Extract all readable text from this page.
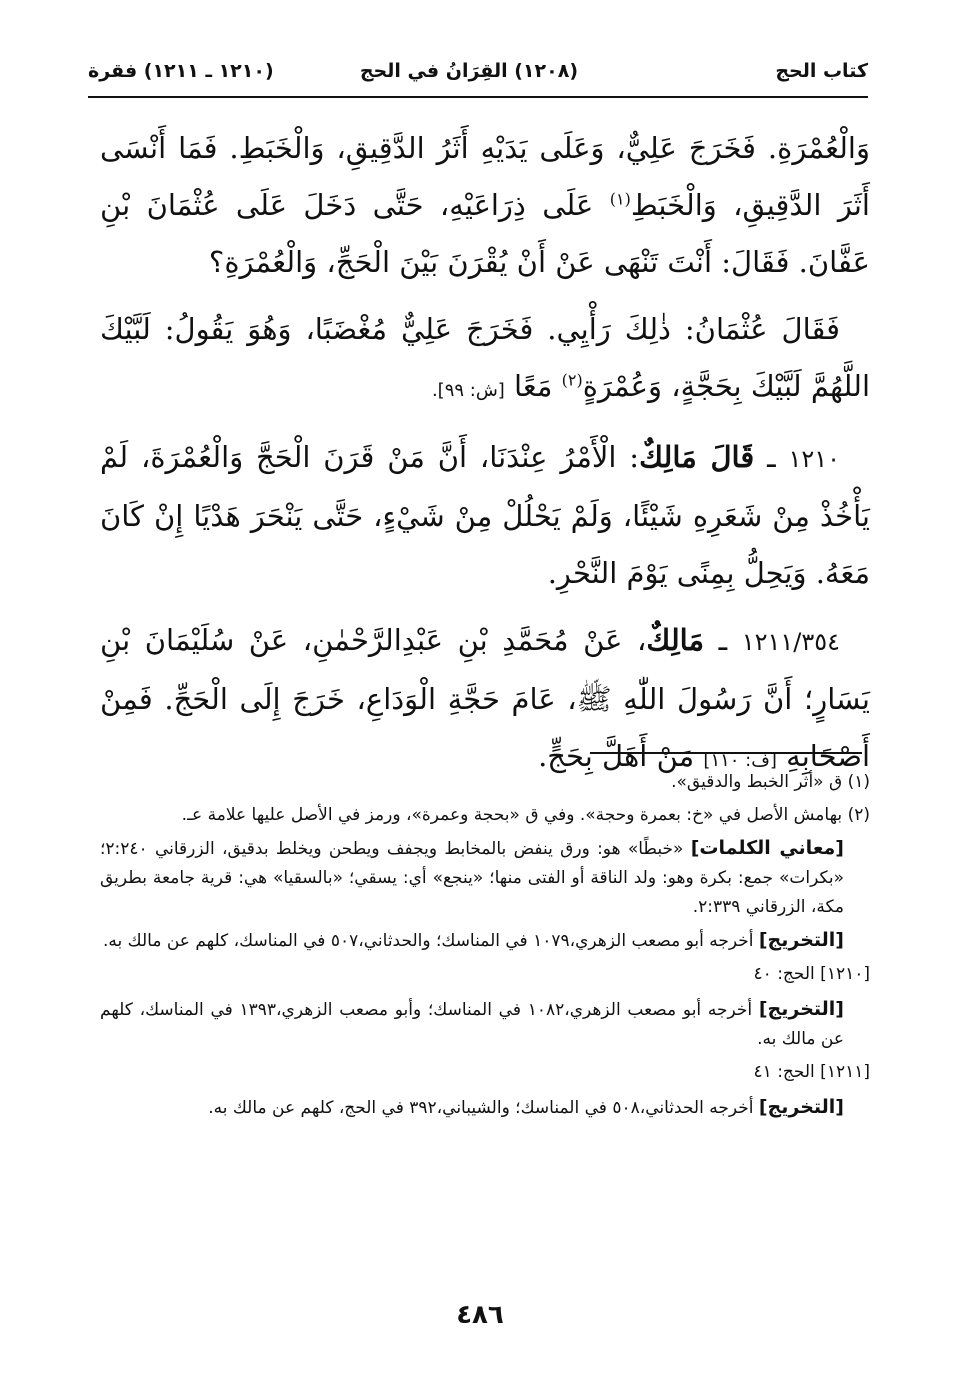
كتاب الحج
(١٢٠٨) القِرَانُ في الحج
(١٢١٠ ـ ١٢١١) فقرة

وَالْعُمْرَةِ. فَخَرَجَ عَلِيٌّ، وَعَلَى يَدَيْهِ أَثَرُ الدَّقِيقِ، وَالْخَبَطِ. فَمَا أَنْسَى أَثَرَ الدَّقِيقِ، وَالْخَبَطِ$^{(١)}$ عَلَى ذِرَاعَيْهِ، حَتَّى دَخَلَ عَلَى عُثْمَانَ بْنِ عَفَّانَ. فَقَالَ: أَنْتَ تَنْهَى عَنْ أَنْ يُقْرَنَ بَيْنَ الْحَجِّ، وَالْعُمْرَةِ؟

فَقَالَ عُثْمَانُ: ذٰلِكَ رَأْيِي. فَخَرَجَ عَلِيٌّ مُغْضَبًا، وَهُوَ يَقُولُ: لَبَّيْكَ اللَّهُمَّ لَبَّيْكَ بِحَجَّةٍ، وَعُمْرَةٍ$^{(٢)}$ مَعًا [ش: ٩٩].

١٢١٠ ـ قَالَ مَالِكٌ: الْأَمْرُ عِنْدَنَا، أَنَّ مَنْ قَرَنَ الْحَجَّ وَالْعُمْرَةَ، لَمْ يَأْخُذْ مِنْ شَعَرِهِ شَيْئًا، وَلَمْ يَحْلُلْ مِنْ شَيْءٍ، حَتَّى يَنْحَرَ هَدْيًا إِنْ كَانَ مَعَهُ. وَيَحِلُّ بِمِنًى يَوْمَ النَّحْرِ.

١٢١١/٣٥٤ ـ مَالِكٌ، عَنْ مُحَمَّدِ بْنِ عَبْدِالرَّحْمٰنِ، عَنْ سُلَيْمَانَ بْنِ يَسَارٍ؛ أَنَّ رَسُولَ اللّٰهِ ﷺ، عَامَ حَجَّةِ الْوَدَاعِ، خَرَجَ إِلَى الْحَجِّ. فَمِنْ أَصْحَابِهِ [ف: ١١٠] مَنْ أَهَلَّ بِحَجٍّ.

(١) ق «أثر الخبط والدقيق».

(٢) بهامش الأصل في «خ: بعمرة وحجة». وفي ق «بحجة وعمرة»، ورمز في الأصل عليها علامة عـ.

[معاني الكلمات] «خبطًا» هو: ورق ينفض بالمخابط ويجفف ويطحن ويخلط بدقيق، الزرقاني ٢:٢٤٠؛ «بكرات» جمع: بكرة وهو: ولد الناقة أو الفتى منها؛ «ينجع» أي: يسقي؛ «بالسقيا» هي: قرية جامعة بطريق مكة، الزرقاني ٢:٣٣٩.

[التخريج] أخرجه أبو مصعب الزهري،١٠٧٩ في المناسك؛ والحدثاني،٥٠٧ في المناسك، كلهم عن مالك به.

[١٢١٠] الحج: ٤٠

[التخريج] أخرجه أبو مصعب الزهري،١٠٨٢ في المناسك؛ وأبو مصعب الزهري،١٣٩٣ في المناسك، كلهم عن مالك به.

[١٢١١] الحج: ٤١

[التخريج] أخرجه الحدثاني،٥٠٨ في المناسك؛ والشيباني،٣٩٢ في الحج، كلهم عن مالك به.

٤٨٦
